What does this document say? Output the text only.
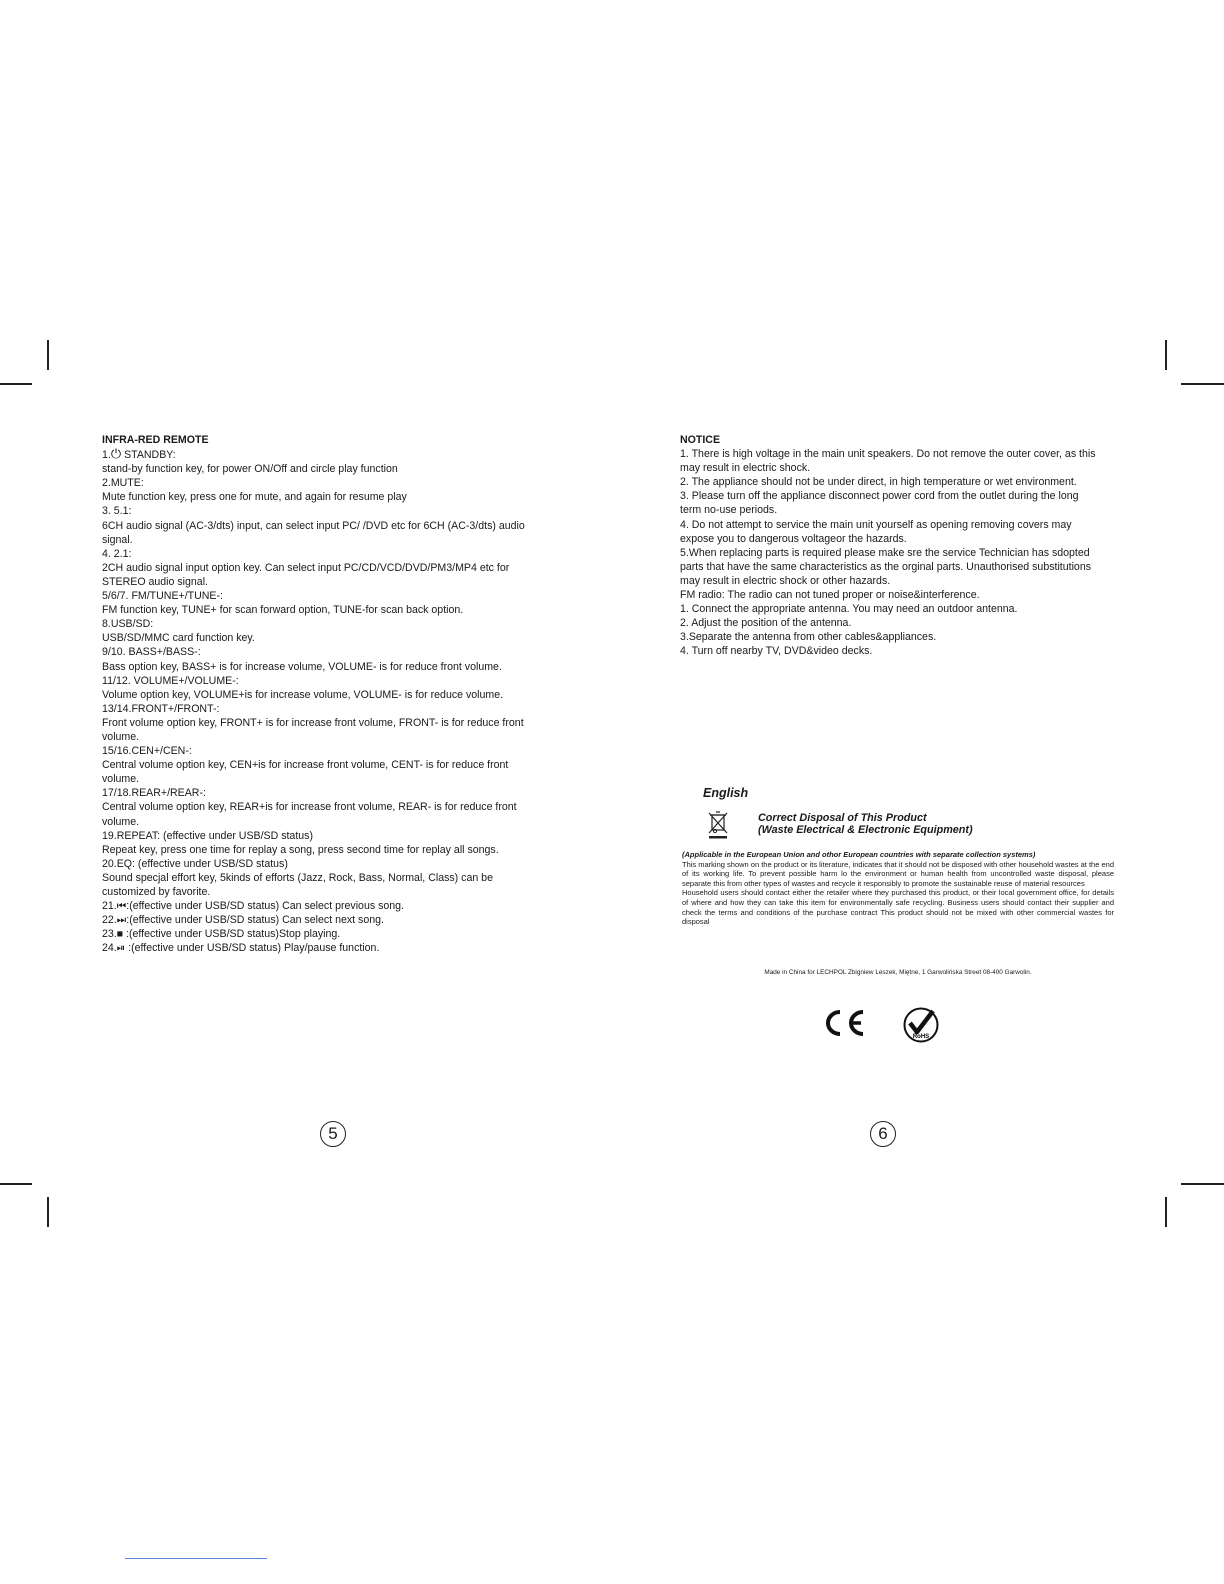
INFRA-RED REMOTE
1.⏻ STANDBY:
stand-by function key, for power ON/Off and circle play function
2.MUTE:
Mute function key, press one for mute, and again for resume play
3. 5.1:
6CH audio signal (AC-3/dts) input, can select input PC/ /DVD etc for 6CH (AC-3/dts) audio
signal.
4. 2.1:
2CH audio signal input option key. Can select input PC/CD/VCD/DVD/PM3/MP4 etc for
STEREO audio signal.
5/6/7. FM/TUNE+/TUNE-:
FM function key, TUNE+ for scan forward option, TUNE-for scan back option.
8.USB/SD:
USB/SD/MMC card function key.
9/10. BASS+/BASS-:
Bass option key, BASS+ is for increase volume, VOLUME- is for reduce front volume.
11/12. VOLUME+/VOLUME-:
Volume option key, VOLUME+is for increase volume, VOLUME- is for reduce volume.
13/14.FRONT+/FRONT-:
Front volume option key, FRONT+ is for increase front volume, FRONT- is for reduce front
volume.
15/16.CEN+/CEN-:
Central volume option key, CEN+is for increase front volume, CENT- is for reduce front
volume.
17/18.REAR+/REAR-:
Central volume option key, REAR+is for increase front volume, REAR- is for reduce front
volume.
19.REPEAT: (effective under USB/SD status)
Repeat key, press one time for replay a song, press second time for replay all songs.
20.EQ: (effective under USB/SD status)
Sound specjal effort key, 5kinds of efforts (Jazz, Rock, Bass, Normal, Class) can be
customized by favorite.
21.⏮:(effective under USB/SD status) Can select previous song.
22.⏭:(effective under USB/SD status) Can select next song.
23.■ :(effective under USB/SD status)Stop playing.
24.⏯ :(effective under USB/SD status) Play/pause function.
5
NOTICE
1. There is high voltage in the main unit speakers. Do not remove the outer cover, as this
may result in electric shock.
2. The appliance should not be under direct, in high temperature or wet environment.
3. Please turn off the appliance disconnect power cord from the outlet during the long
term no-use periods.
4. Do not attempt to service the main unit yourself as opening removing covers may
expose you to dangerous voltageor the hazards.
5.When replacing parts is required please make sre the service Technician has sdopted
parts that have the same characteristics as the orginal parts. Unauthorised substitutions
may result in electric shock or other hazards.
FM radio: The radio can not tuned proper or noise&interference.
1. Connect the appropriate antenna. You may need an outdoor antenna.
2. Adjust the position of the antenna.
3.Separate the antenna from other cables&appliances.
4. Turn off nearby TV, DVD&video decks.
English
Correct Disposal of This Product
(Waste Electrical & Electronic Equipment)
(Applicable in the European Union and othor European countries with separate collection systems)
This marking shown on the product or its literature, indicates that it should not be disposed with other household wastes at the end of its working life. To prevent possible harm lo the environment or human health from uncontrolled waste disposal, please separate this from other types of wastes and recycle it responsibly to promote the sustainable reuse of material resources
Household users should contact either the retailer where they purchased this product, or their local government office, for details of where and how they can take this item for environmentally safe recycling. Business users should contact their supplier and check the terms and conditions of the purchase contract This product should not be mixed with other commercial wastes for disposal
Made in China for LECHPOL Zbigniew Leszek, Miętne, 1 Garwolińska Street 08-400 Garwolin.
RoHS
6
